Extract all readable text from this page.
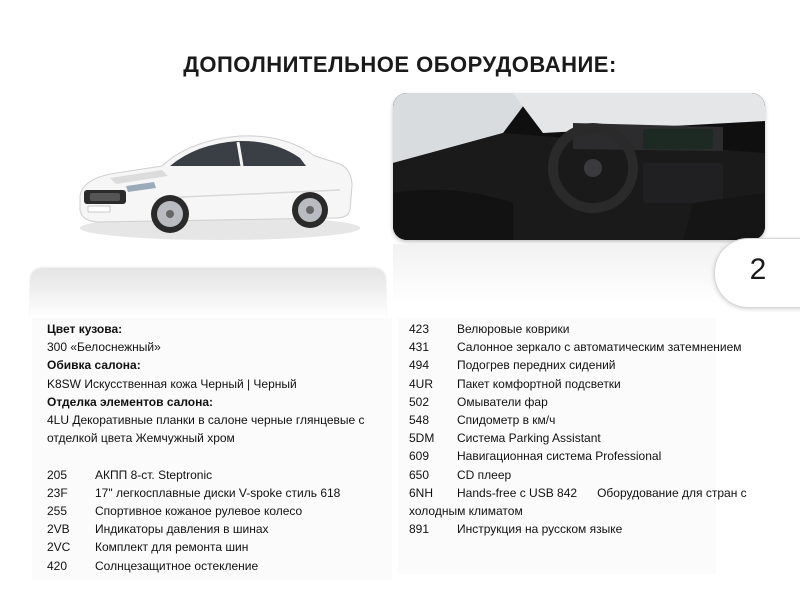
ДОПОЛНИТЕЛЬНОЕ ОБОРУДОВАНИЕ:
2
Цвет кузова:
300 «Белоснежный»
Обивка салона:
K8SW Искусственная кожа Черный | Черный
Отделка элементов салона:
4LU Декоративные планки в салоне черные глянцевые с отделкой цвета Жемчужный хром
205 АКПП 8-ст. Steptronic
23F 17" легкосплавные диски V-spoke стиль 618
255 Спортивное кожаное рулевое колесо
2VB Индикаторы давления в шинах
2VC Комплект для ремонта шин
420 Солнцезащитное остекление
423 Велюровые коврики
431 Салонное зеркало с автоматическим затемнением
494 Подогрев передних сидений
4UR Пакет комфортной подсветки
502 Омыватели фар
548 Спидометр в км/ч
5DM Система Parking Assistant
609 Навигационная система Professional
650 CD плеер
6NH Hands-free с USB 842      Оборудование для стран с холодным климатом
891 Инструкция на русском языке
